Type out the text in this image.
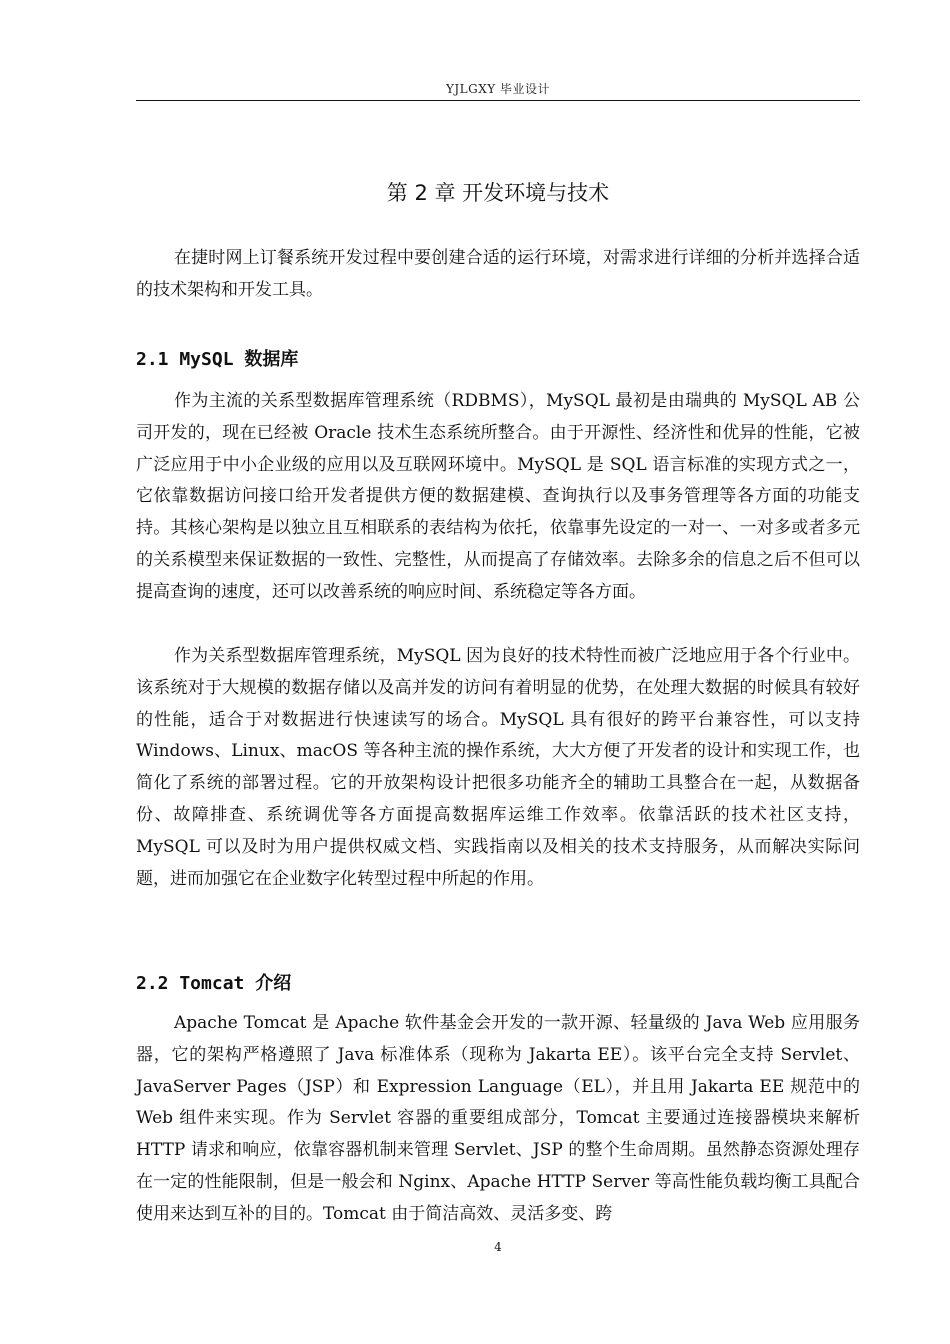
YJLGXY 毕业设计
第 2 章 开发环境与技术

在捷时网上订餐系统开发过程中要创建合适的运行环境，对需求进行详细的分析并选择合适的技术架构和开发工具。

2.1 MySQL 数据库

作为主流的关系型数据库管理系统（RDBMS），MySQL 最初是由瑞典的 MySQL AB 公司开发的，现在已经被 Oracle 技术生态系统所整合。由于开源性、经济性和优异的性能，它被广泛应用于中小企业级的应用以及互联网环境中。MySQL 是 SQL 语言标准的实现方式之一，它依靠数据访问接口给开发者提供方便的数据建模、查询执行以及事务管理等各方面的功能支持。其核心架构是以独立且互相联系的表结构为依托，依靠事先设定的一对一、一对多或者多元的关系模型来保证数据的一致性、完整性，从而提高了存储效率。去除多余的信息之后不但可以提高查询的速度，还可以改善系统的响应时间、系统稳定等各方面。

作为关系型数据库管理系统，MySQL 因为良好的技术特性而被广泛地应用于各个行业中。该系统对于大规模的数据存储以及高并发的访问有着明显的优势，在处理大数据的时候具有较好的性能，适合于对数据进行快速读写的场合。MySQL 具有很好的跨平台兼容性，可以支持 Windows、Linux、macOS 等各种主流的操作系统，大大方便了开发者的设计和实现工作，也简化了系统的部署过程。它的开放架构设计把很多功能齐全的辅助工具整合在一起，从数据备份、故障排查、系统调优等各方面提高数据库运维工作效率。依靠活跃的技术社区支持，MySQL 可以及时为用户提供权威文档、实践指南以及相关的技术支持服务，从而解决实际问题，进而加强它在企业数字化转型过程中所起的作用。

2.2 Tomcat 介绍

Apache Tomcat 是 Apache 软件基金会开发的一款开源、轻量级的 Java Web 应用服务器，它的架构严格遵照了 Java 标准体系（现称为 Jakarta EE）。该平台完全支持 Servlet、JavaServer Pages（JSP）和 Expression Language（EL），并且用 Jakarta EE 规范中的 Web 组件来实现。作为 Servlet 容器的重要组成部分，Tomcat 主要通过连接器模块来解析 HTTP 请求和响应，依靠容器机制来管理 Servlet、JSP 的整个生命周期。虽然静态资源处理存在一定的性能限制，但是一般会和 Nginx、Apache HTTP Server 等高性能负载均衡工具配合使用来达到互补的目的。Tomcat 由于简洁高效、灵活多变、跨

4
